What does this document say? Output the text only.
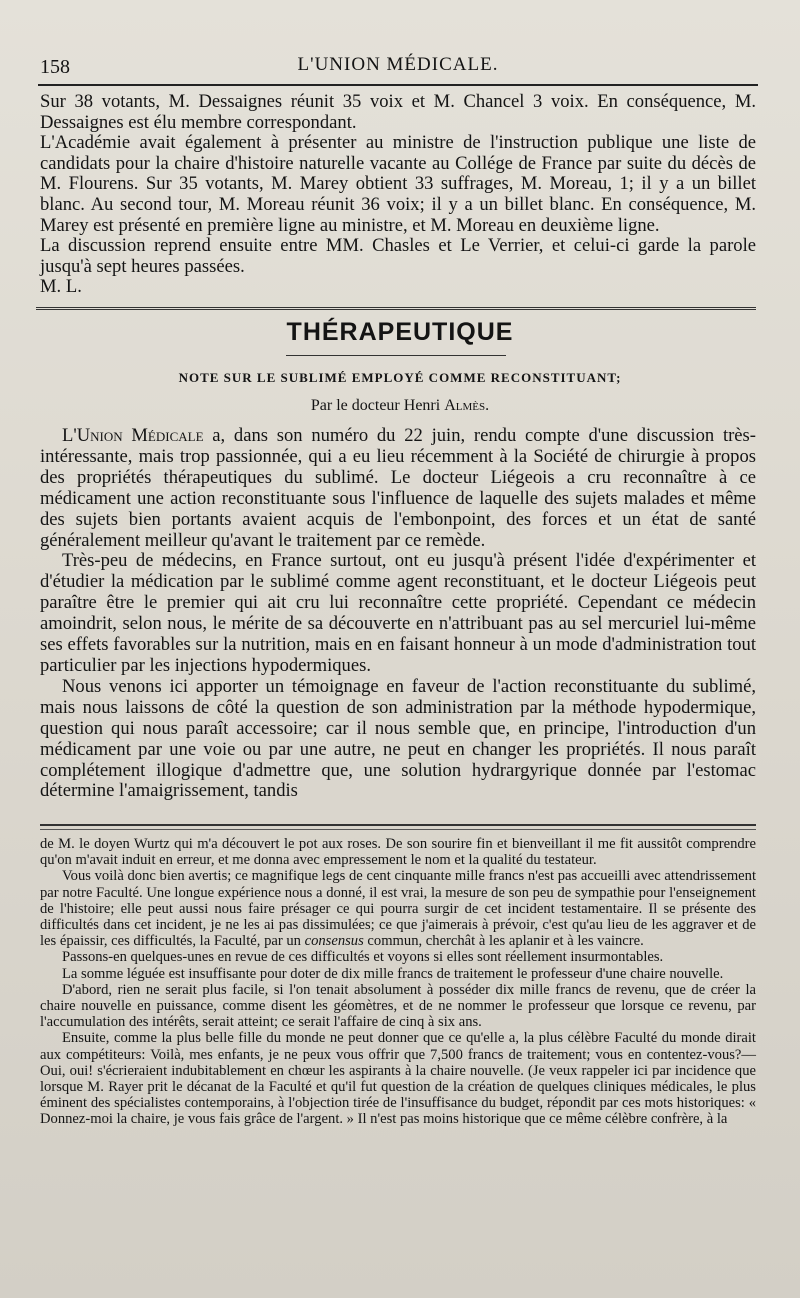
158	L'UNION MÉDICALE.

Sur 38 votants, M. Dessaignes réunit 35 voix et M. Chancel 3 voix. En conséquence, M. Dessaignes est élu membre correspondant.

L'Académie avait également à présenter au ministre de l'instruction publique une liste de candidats pour la chaire d'histoire naturelle vacante au Collége de France par suite du décès de M. Flourens. Sur 35 votants, M. Marey obtient 33 suffrages, M. Moreau, 1; il y a un billet blanc. Au second tour, M. Moreau réunit 36 voix; il y a un billet blanc. En conséquence, M. Marey est présenté en première ligne au ministre, et M. Moreau en deuxième ligne.

La discussion reprend ensuite entre MM. Chasles et Le Verrier, et celui-ci garde la parole jusqu'à sept heures passées.

M. L.

THÉRAPEUTIQUE
NOTE SUR LE SUBLIMÉ EMPLOYÉ COMME RECONSTITUANT;
Par le docteur Henri Almès.

L'Union Médicale a, dans son numéro du 22 juin, rendu compte d'une discussion très-intéressante, mais trop passionnée, qui a eu lieu récemment à la Société de chirurgie à propos des propriétés thérapeutiques du sublimé. Le docteur Liégeois a cru reconnaître à ce médicament une action reconstituante sous l'influence de laquelle des sujets malades et même des sujets bien portants avaient acquis de l'embonpoint, des forces et un état de santé généralement meilleur qu'avant le traitement par ce remède.

Très-peu de médecins, en France surtout, ont eu jusqu'à présent l'idée d'expérimenter et d'étudier la médication par le sublimé comme agent reconstituant, et le docteur Liégeois peut paraître être le premier qui ait cru lui reconnaître cette propriété. Cependant ce médecin amoindrit, selon nous, le mérite de sa découverte en n'attribuant pas au sel mercuriel lui-même ses effets favorables sur la nutrition, mais en en faisant honneur à un mode d'administration tout particulier par les injections hypodermiques.

Nous venons ici apporter un témoignage en faveur de l'action reconstituante du sublimé, mais nous laissons de côté la question de son administration par la méthode hypodermique, question qui nous paraît accessoire; car il nous semble que, en principe, l'introduction d'un médicament par une voie ou par une autre, ne peut en changer les propriétés. Il nous paraît complétement illogique d'admettre que, une solution hydrargyrique donnée par l'estomac détermine l'amaigrissement, tandis

de M. le doyen Wurtz qui m'a découvert le pot aux roses. De son sourire fin et bienveillant il me fit aussitôt comprendre qu'on m'avait induit en erreur, et me donna avec empressement le nom et la qualité du testateur.

Vous voilà donc bien avertis; ce magnifique legs de cent cinquante mille francs n'est pas accueilli avec attendrissement par notre Faculté. Une longue expérience nous a donné, il est vrai, la mesure de son peu de sympathie pour l'enseignement de l'histoire; elle peut aussi nous faire présager ce qui pourra surgir de cet incident testamentaire. Il se présente des difficultés dans cet incident, je ne les ai pas dissimulées; ce que j'aimerais à prévoir, c'est qu'au lieu de les aggraver et de les épaissir, ces difficultés, la Faculté, par un consensus commun, cherchât à les aplanir et à les vaincre.

Passons-en quelques-unes en revue de ces difficultés et voyons si elles sont réellement insurmontables.

La somme léguée est insuffisante pour doter de dix mille francs de traitement le professeur d'une chaire nouvelle.

D'abord, rien ne serait plus facile, si l'on tenait absolument à posséder dix mille francs de revenu, que de créer la chaire nouvelle en puissance, comme disent les géomètres, et de ne nommer le professeur que lorsque ce revenu, par l'accumulation des intérêts, serait atteint; ce serait l'affaire de cinq à six ans.

Ensuite, comme la plus belle fille du monde ne peut donner que ce qu'elle a, la plus célèbre Faculté du monde dirait aux compétiteurs: Voilà, mes enfants, je ne peux vous offrir que 7,500 francs de traitement; vous en contentez-vous?—Oui, oui! s'écrieraient indubitablement en chœur les aspirants à la chaire nouvelle. (Je veux rappeler ici par incidence que lorsque M. Rayer prit le décanat de la Faculté et qu'il fut question de la création de quelques cliniques médicales, le plus éminent des spécialistes contemporains, à l'objection tirée de l'insuffisance du budget, répondit par ces mots historiques: « Donnez-moi la chaire, je vous fais grâce de l'argent. » Il n'est pas moins historique que ce même célèbre confrère, à la
